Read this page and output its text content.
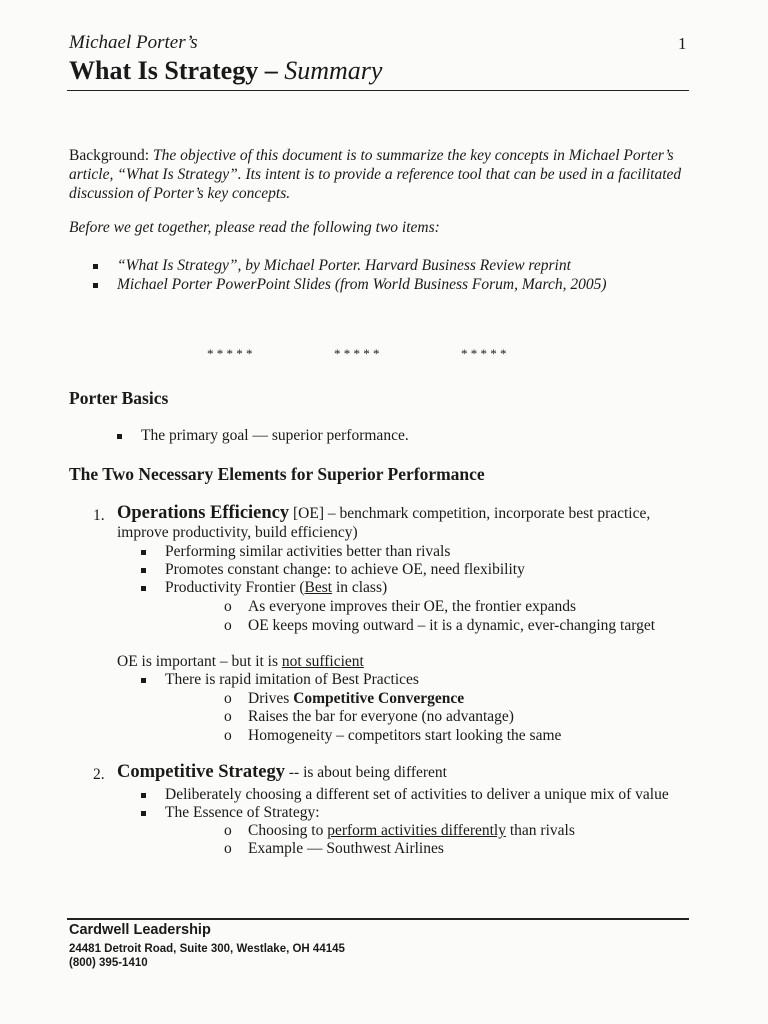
Michael Porter’s	1

What Is Strategy – Summary

Background: The objective of this document is to summarize the key concepts in Michael Porter’s article, “What Is Strategy”. Its intent is to provide a reference tool that can be used in a facilitated discussion of Porter’s key concepts.

Before we get together, please read the following two items:

“What Is Strategy”, by Michael Porter. Harvard Business Review reprint
Michael Porter PowerPoint Slides (from World Business Forum, March, 2005)
* * * * *	* * * * *	* * * * *

Porter Basics

The primary goal — superior performance.

The Two Necessary Elements for Superior Performance

1. Operations Efficiency [OE] – benchmark competition, incorporate best practice,

improve productivity, build efficiency)

Performing similar activities better than rivals
Promotes constant change: to achieve OE, need flexibility
Productivity Frontier (Best in class)
o As everyone improves their OE, the frontier expands
o OE keeps moving outward – it is a dynamic, ever-changing target

OE is important – but it is not sufficient

There is rapid imitation of Best Practices
o Drives Competitive Convergence
o Raises the bar for everyone (no advantage)
o Homogeneity – competitors start looking the same
2. Competitive Strategy -- is about being different

Deliberately choosing a different set of activities to deliver a unique mix of value
The Essence of Strategy:
o Choosing to perform activities differently than rivals
o Example — Southwest Airlines

Cardwell Leadership

24481 Detroit Road, Suite 300, Westlake, OH 44145

(800) 395-1410
